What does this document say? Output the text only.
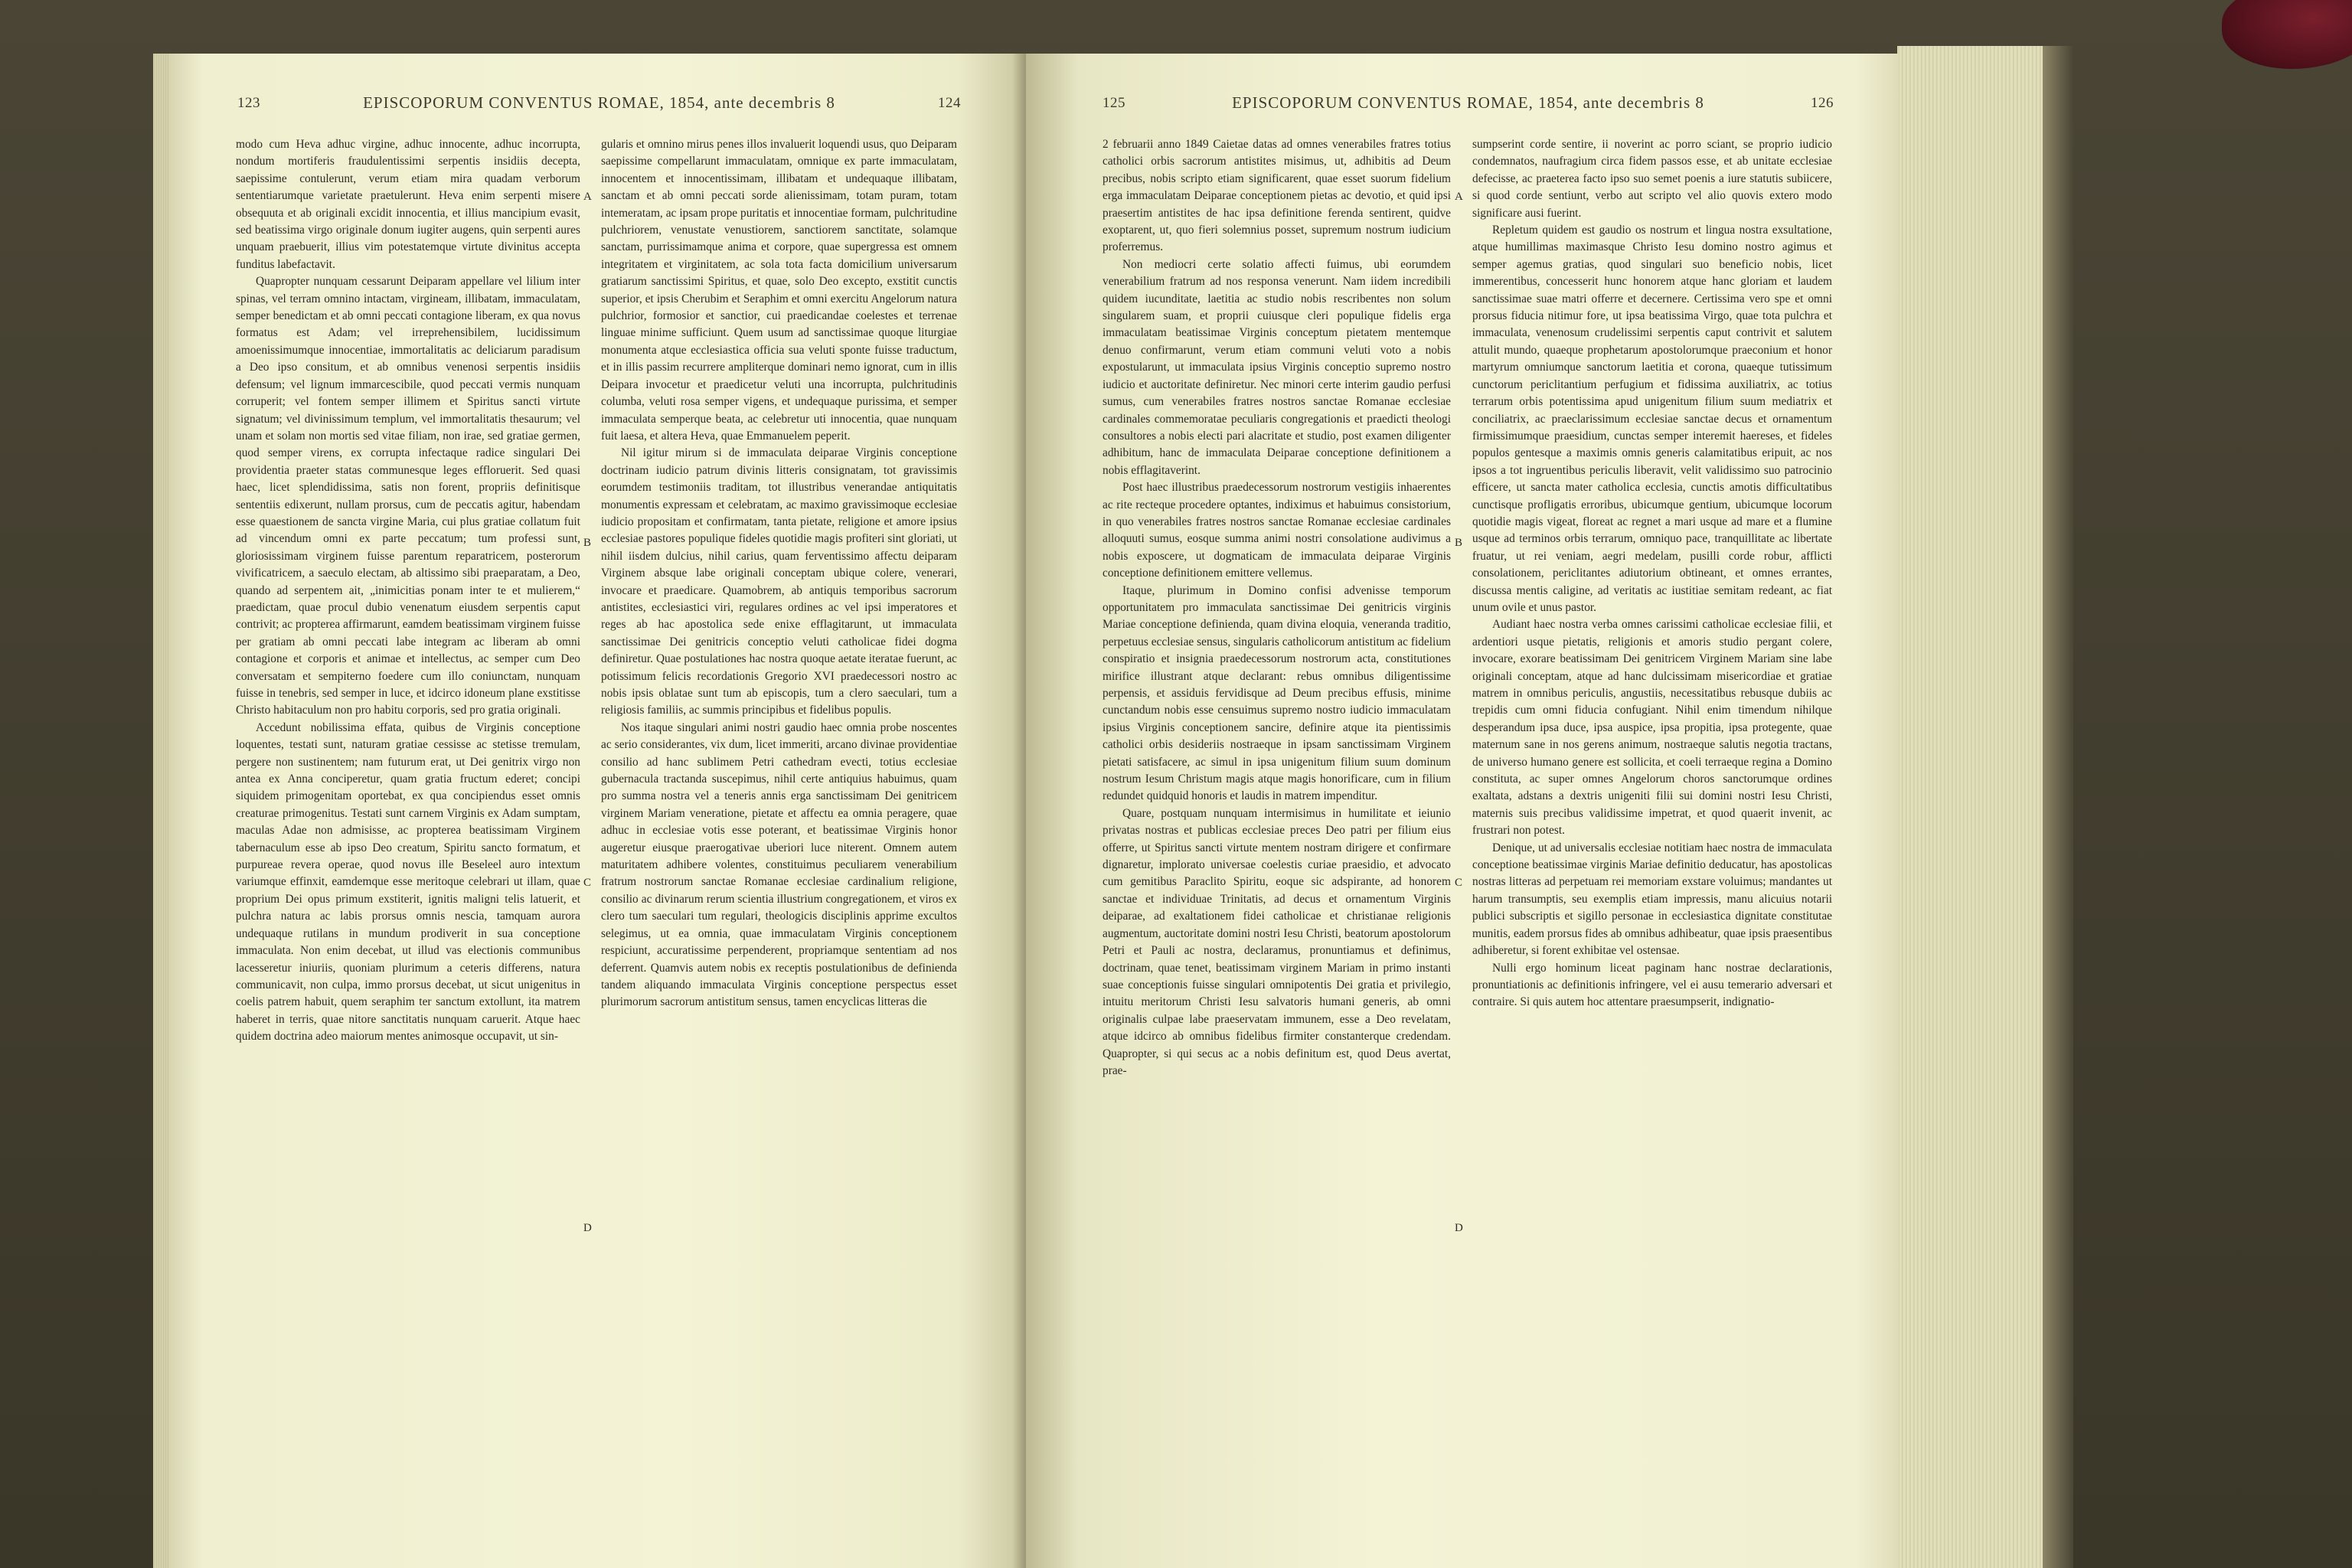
123	EPISCOPORUM CONVENTUS ROMAE, 1854, ante decembris 8	124

modo cum Heva adhuc virgine, adhuc innocente, adhuc incorrupta, nondum mortiferis fraudulentissimi serpentis insidiis decepta, saepissime contulerunt, verum etiam mira quadam verborum sententiarumque varietate praetulerunt. Heva enim serpenti misere obsequuta et ab originali excidit innocentia, et illius mancipium evasit, sed beatissima virgo originale donum iugiter augens, quin serpenti aures unquam praebuerit, illius vim potestatemque virtute divinitus accepta funditus labefactavit.

Quapropter nunquam cessarunt Deiparam appellare vel lilium inter spinas, vel terram omnino intactam, virgineam, illibatam, immaculatam, semper benedictam et ab omni peccati contagione liberam, ex qua novus formatus est Adam; vel irreprehensibilem, lucidissimum amoenissimumque innocentiae, immortalitatis ac deliciarum paradisum a Deo ipso consitum, et ab omnibus venenosi serpentis insidiis defensum; vel lignum immarcescibile, quod peccati vermis nunquam corruperit; vel fontem semper illimem et Spiritus sancti virtute signatum; vel divinissimum templum, vel immortalitatis thesaurum; vel unam et solam non mortis sed vitae filiam, non irae, sed gratiae germen, quod semper virens, ex corrupta infectaque radice singulari Dei providentia praeter statas communesque leges effloruerit. Sed quasi haec, licet splendidissima, satis non forent, propriis definitisque sententiis edixerunt, nullam prorsus, cum de peccatis agitur, habendam esse quaestionem de sancta virgine Maria, cui plus gratiae collatum fuit ad vincendum omni ex parte peccatum; tum professi sunt, gloriosissimam virginem fuisse parentum reparatricem, posterorum vivificatricem, a saeculo electam, ab altissimo sibi praeparatam, a Deo, quando ad serpentem ait, „inimicitias ponam inter te et mulierem,“ praedictam, quae procul dubio venenatum eiusdem serpentis caput contrivit; ac propterea affirmarunt, eamdem beatissimam virginem fuisse per gratiam ab omni peccati labe integram ac liberam ab omni contagione et corporis et animae et intellectus, ac semper cum Deo conversatam et sempiterno foedere cum illo coniunctam, nunquam fuisse in tenebris, sed semper in luce, et idcirco idoneum plane exstitisse Christo habitaculum non pro habitu corporis, sed pro gratia originali.

Accedunt nobilissima effata, quibus de Virginis conceptione loquentes, testati sunt, naturam gratiae cessisse ac stetisse tremulam, pergere non sustinentem; nam futurum erat, ut Dei genitrix virgo non antea ex Anna conciperetur, quam gratia fructum ederet; concipi siquidem primogenitam oportebat, ex qua concipiendus esset omnis creaturae primogenitus. Testati sunt carnem Virginis ex Adam sumptam, maculas Adae non admisisse, ac propterea beatissimam Virginem tabernaculum esse ab ipso Deo creatum, Spiritu sancto formatum, et purpureae revera operae, quod novus ille Beseleel auro intextum variumque effinxit, eamdemque esse meritoque celebrari ut illam, quae proprium Dei opus primum exstiterit, ignitis maligni telis latuerit, et pulchra natura ac labis prorsus omnis nescia, tamquam aurora undequaque rutilans in mundum prodiverit in sua conceptione immaculata. Non enim decebat, ut illud vas electionis communibus lacesseretur iniuriis, quoniam plurimum a ceteris differens, natura communicavit, non culpa, immo prorsus decebat, ut sicut unigenitus in coelis patrem habuit, quem seraphim ter sanctum extollunt, ita matrem haberet in terris, quae nitore sanctitatis nunquam caruerit. Atque haec quidem doctrina adeo maiorum mentes animosque occupavit, ut sin-

A
B
C
D

gularis et omnino mirus penes illos invaluerit loquendi usus, quo Deiparam saepissime compellarunt immaculatam, omnique ex parte immaculatam, innocentem et innocentissimam, illibatam et undequaque illibatam, sanctam et ab omni peccati sorde alienissimam, totam puram, totam intemeratam, ac ipsam prope puritatis et innocentiae formam, pulchritudine pulchriorem, venustate venustiorem, sanctiorem sanctitate, solamque sanctam, purrissimamque anima et corpore, quae supergressa est omnem integritatem et virginitatem, ac sola tota facta domicilium universarum gratiarum sanctissimi Spiritus, et quae, solo Deo excepto, exstitit cunctis superior, et ipsis Cherubim et Seraphim et omni exercitu Angelorum natura pulchrior, formosior et sanctior, cui praedicandae coelestes et terrenae linguae minime sufficiunt. Quem usum ad sanctissimae quoque liturgiae monumenta atque ecclesiastica officia sua veluti sponte fuisse traductum, et in illis passim recurrere ampliterque dominari nemo ignorat, cum in illis Deipara invocetur et praedicetur veluti una incorrupta, pulchritudinis columba, veluti rosa semper vigens, et undequaque purissima, et semper immaculata semperque beata, ac celebretur uti innocentia, quae nunquam fuit laesa, et altera Heva, quae Emmanuelem peperit.

Nil igitur mirum si de immaculata deiparae Virginis conceptione doctrinam iudicio patrum divinis litteris consignatam, tot gravissimis eorumdem testimoniis traditam, tot illustribus venerandae antiquitatis monumentis expressam et celebratam, ac maximo gravissimoque ecclesiae iudicio propositam et confirmatam, tanta pietate, religione et amore ipsius ecclesiae pastores populique fideles quotidie magis profiteri sint gloriati, ut nihil iisdem dulcius, nihil carius, quam ferventissimo affectu deiparam Virginem absque labe originali conceptam ubique colere, venerari, invocare et praedicare. Quamobrem, ab antiquis temporibus sacrorum antistites, ecclesiastici viri, regulares ordines ac vel ipsi imperatores et reges ab hac apostolica sede enixe efflagitarunt, ut immaculata sanctissimae Dei genitricis conceptio veluti catholicae fidei dogma definiretur. Quae postulationes hac nostra quoque aetate iteratae fuerunt, ac potissimum felicis recordationis Gregorio XVI praedecessori nostro ac nobis ipsis oblatae sunt tum ab episcopis, tum a clero saeculari, tum a religiosis familiis, ac summis principibus et fidelibus populis.

Nos itaque singulari animi nostri gaudio haec omnia probe noscentes ac serio considerantes, vix dum, licet immeriti, arcano divinae providentiae consilio ad hanc sublimem Petri cathedram evecti, totius ecclesiae gubernacula tractanda suscepimus, nihil certe antiquius habuimus, quam pro summa nostra vel a teneris annis erga sanctissimam Dei genitricem virginem Mariam veneratione, pietate et affectu ea omnia peragere, quae adhuc in ecclesiae votis esse poterant, et beatissimae Virginis honor augeretur eiusque praerogativae uberiori luce niterent. Omnem autem maturitatem adhibere volentes, constituimus peculiarem venerabilium fratrum nostrorum sanctae Romanae ecclesiae cardinalium religione, consilio ac divinarum rerum scientia illustrium congregationem, et viros ex clero tum saeculari tum regulari, theologicis disciplinis apprime excultos selegimus, ut ea omnia, quae immaculatam Virginis conceptionem respiciunt, accuratissime perpenderent, propriamque sententiam ad nos deferrent. Quamvis autem nobis ex receptis postulationibus de definienda tandem aliquando immaculata Virginis conceptione perspectus esset plurimorum sacrorum antistitum sensus, tamen encyclicas litteras die

125	EPISCOPORUM CONVENTUS ROMAE, 1854, ante decembris 8	126

2 februarii anno 1849 Caietae datas ad omnes venerabiles fratres totius catholici orbis sacrorum antistites misimus, ut, adhibitis ad Deum precibus, nobis scripto etiam significarent, quae esset suorum fidelium erga immaculatam Deiparae conceptionem pietas ac devotio, et quid ipsi praesertim antistites de hac ipsa definitione ferenda sentirent, quidve exoptarent, ut, quo fieri solemnius posset, supremum nostrum iudicium proferremus.

Non mediocri certe solatio affecti fuimus, ubi eorumdem venerabilium fratrum ad nos responsa venerunt. Nam iidem incredibili quidem iucunditate, laetitia ac studio nobis rescribentes non solum singularem suam, et proprii cuiusque cleri populique fidelis erga immaculatam beatissimae Virginis conceptum pietatem mentemque denuo confirmarunt, verum etiam communi veluti voto a nobis expostularunt, ut immaculata ipsius Virginis conceptio supremo nostro iudicio et auctoritate definiretur. Nec minori certe interim gaudio perfusi sumus, cum venerabiles fratres nostros sanctae Romanae ecclesiae cardinales commemoratae peculiaris congregationis et praedicti theologi consultores a nobis electi pari alacritate et studio, post examen diligenter adhibitum, hanc de immaculata Deiparae conceptione definitionem a nobis efflagitaverint.

Post haec illustribus praedecessorum nostrorum vestigiis inhaerentes ac rite recteque procedere optantes, indiximus et habuimus consistorium, in quo venerabiles fratres nostros sanctae Romanae ecclesiae cardinales alloquuti sumus, eosque summa animi nostri consolatione audivimus a nobis exposcere, ut dogmaticam de immaculata deiparae Virginis conceptione definitionem emittere vellemus.

Itaque, plurimum in Domino confisi advenisse temporum opportunitatem pro immaculata sanctissimae Dei genitricis virginis Mariae conceptione definienda, quam divina eloquia, veneranda traditio, perpetuus ecclesiae sensus, singularis catholicorum antistitum ac fidelium conspiratio et insignia praedecessorum nostrorum acta, constitutiones mirifice illustrant atque declarant: rebus omnibus diligentissime perpensis, et assiduis fervidisque ad Deum precibus effusis, minime cunctandum nobis esse censuimus supremo nostro iudicio immaculatam ipsius Virginis conceptionem sancire, definire atque ita pientissimis catholici orbis desideriis nostraeque in ipsam sanctissimam Virginem pietati satisfacere, ac simul in ipsa unigenitum filium suum dominum nostrum Iesum Christum magis atque magis honorificare, cum in filium redundet quidquid honoris et laudis in matrem impenditur.

Quare, postquam nunquam intermisimus in humilitate et ieiunio privatas nostras et publicas ecclesiae preces Deo patri per filium eius offerre, ut Spiritus sancti virtute mentem nostram dirigere et confirmare dignaretur, implorato universae coelestis curiae praesidio, et advocato cum gemitibus Paraclito Spiritu, eoque sic adspirante, ad honorem sanctae et individuae Trinitatis, ad decus et ornamentum Virginis deiparae, ad exaltationem fidei catholicae et christianae religionis augmentum, auctoritate domini nostri Iesu Christi, beatorum apostolorum Petri et Pauli ac nostra, declaramus, pronuntiamus et definimus, doctrinam, quae tenet, beatissimam virginem Mariam in primo instanti suae conceptionis fuisse singulari omnipotentis Dei gratia et privilegio, intuitu meritorum Christi Iesu salvatoris humani generis, ab omni originalis culpae labe praeservatam immunem, esse a Deo revelatam, atque idcirco ab omnibus fidelibus firmiter constanterque credendam. Quapropter, si qui secus ac a nobis definitum est, quod Deus avertat, prae-

A
B
C
D

sumpserint corde sentire, ii noverint ac porro sciant, se proprio iudicio condemnatos, naufragium circa fidem passos esse, et ab unitate ecclesiae defecisse, ac praeterea facto ipso suo semet poenis a iure statutis subiicere, si quod corde sentiunt, verbo aut scripto vel alio quovis extero modo significare ausi fuerint.

Repletum quidem est gaudio os nostrum et lingua nostra exsultatione, atque humillimas maximasque Christo Iesu domino nostro agimus et semper agemus gratias, quod singulari suo beneficio nobis, licet immerentibus, concesserit hunc honorem atque hanc gloriam et laudem sanctissimae suae matri offerre et decernere. Certissima vero spe et omni prorsus fiducia nitimur fore, ut ipsa beatissima Virgo, quae tota pulchra et immaculata, venenosum crudelissimi serpentis caput contrivit et salutem attulit mundo, quaeque prophetarum apostolorumque praeconium et honor martyrum omniumque sanctorum laetitia et corona, quaeque tutissimum cunctorum periclitantium perfugium et fidissima auxiliatrix, ac totius terrarum orbis potentissima apud unigenitum filium suum mediatrix et conciliatrix, ac praeclarissimum ecclesiae sanctae decus et ornamentum firmissimumque praesidium, cunctas semper interemit haereses, et fideles populos gentesque a maximis omnis generis calamitatibus eripuit, ac nos ipsos a tot ingruentibus periculis liberavit, velit validissimo suo patrocinio efficere, ut sancta mater catholica ecclesia, cunctis amotis difficultatibus cunctisque profligatis erroribus, ubicumque gentium, ubicumque locorum quotidie magis vigeat, floreat ac regnet a mari usque ad mare et a flumine usque ad terminos orbis terrarum, omniquo pace, tranquillitate ac libertate fruatur, ut rei veniam, aegri medelam, pusilli corde robur, afflicti consolationem, periclitantes adiutorium obtineant, et omnes errantes, discussa mentis caligine, ad veritatis ac iustitiae semitam redeant, ac fiat unum ovile et unus pastor.

Audiant haec nostra verba omnes carissimi catholicae ecclesiae filii, et ardentiori usque pietatis, religionis et amoris studio pergant colere, invocare, exorare beatissimam Dei genitricem Virginem Mariam sine labe originali conceptam, atque ad hanc dulcissimam misericordiae et gratiae matrem in omnibus periculis, angustiis, necessitatibus rebusque dubiis ac trepidis cum omni fiducia confugiant. Nihil enim timendum nihilque desperandum ipsa duce, ipsa auspice, ipsa propitia, ipsa protegente, quae maternum sane in nos gerens animum, nostraeque salutis negotia tractans, de universo humano genere est sollicita, et coeli terraeque regina a Domino constituta, ac super omnes Angelorum choros sanctorumque ordines exaltata, adstans a dextris unigeniti filii sui domini nostri Iesu Christi, maternis suis precibus validissime impetrat, et quod quaerit invenit, ac frustrari non potest.

Denique, ut ad universalis ecclesiae notitiam haec nostra de immaculata conceptione beatissimae virginis Mariae definitio deducatur, has apostolicas nostras litteras ad perpetuam rei memoriam exstare voluimus; mandantes ut harum transumptis, seu exemplis etiam impressis, manu alicuius notarii publici subscriptis et sigillo personae in ecclesiastica dignitate constitutae munitis, eadem prorsus fides ab omnibus adhibeatur, quae ipsis praesentibus adhiberetur, si forent exhibitae vel ostensae.

Nulli ergo hominum liceat paginam hanc nostrae declarationis, pronuntiationis ac definitionis infringere, vel ei ausu temerario adversari et contraire. Si quis autem hoc attentare praesumpserit, indignatio-
